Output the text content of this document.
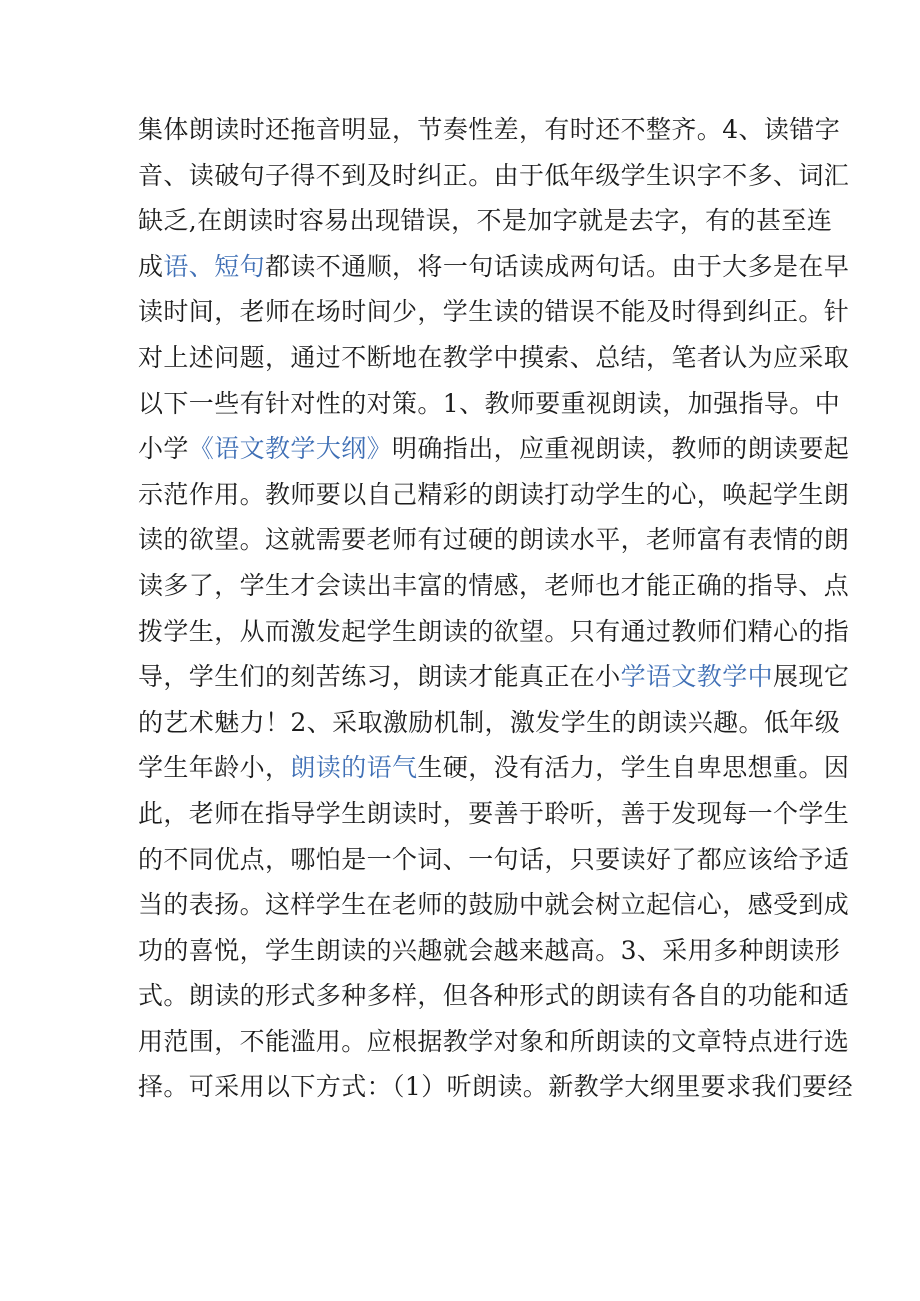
集体朗读时还拖音明显，节奏性差，有时还不整齐。4、读错字
音、读破句子得不到及时纠正。由于低年级学生识字不多、词汇
缺乏,在朗读时容易出现错误，不是加字就是去字，有的甚至连
成语、短句都读不通顺，将一句话读成两句话。由于大多是在早
读时间，老师在场时间少，学生读的错误不能及时得到纠正。针
对上述问题，通过不断地在教学中摸索、总结，笔者认为应采取
以下一些有针对性的对策。1、教师要重视朗读，加强指导。中
小学《语文教学大纲》明确指出，应重视朗读，教师的朗读要起
示范作用。教师要以自己精彩的朗读打动学生的心，唤起学生朗
读的欲望。这就需要老师有过硬的朗读水平，老师富有表情的朗
读多了，学生才会读出丰富的情感，老师也才能正确的指导、点
拨学生，从而激发起学生朗读的欲望。只有通过教师们精心的指
导，学生们的刻苦练习，朗读才能真正在小学语文教学中展现它
的艺术魅力！2、采取激励机制，激发学生的朗读兴趣。低年级
学生年龄小，朗读的语气生硬，没有活力，学生自卑思想重。因
此，老师在指导学生朗读时，要善于聆听，善于发现每一个学生
的不同优点，哪怕是一个词、一句话，只要读好了都应该给予适
当的表扬。这样学生在老师的鼓励中就会树立起信心，感受到成
功的喜悦，学生朗读的兴趣就会越来越高。3、采用多种朗读形
式。朗读的形式多种多样，但各种形式的朗读有各自的功能和适
用范围，不能滥用。应根据教学对象和所朗读的文章特点进行选
择。可采用以下方式：（1）听朗读。新教学大纲里要求我们要经
